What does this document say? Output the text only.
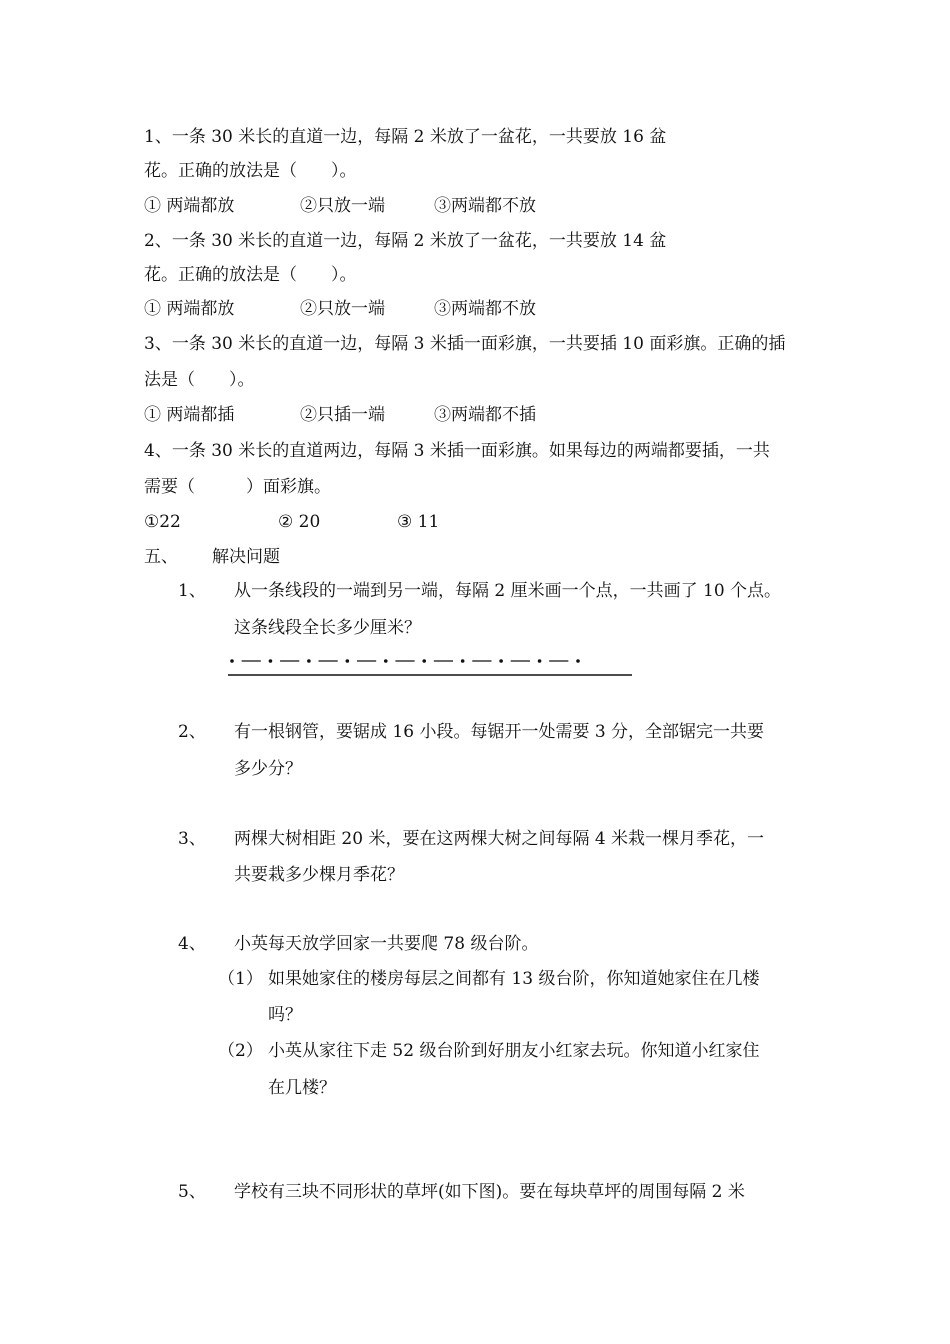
1、一条 30 米长的直道一边，每隔 2 米放了一盆花，一共要放 16 盆
花。正确的放法是（　　）。
① 两端都放	②只放一端	③两端都不放
2、一条 30 米长的直道一边，每隔 2 米放了一盆花，一共要放 14 盆
花。正确的放法是（　　）。
① 两端都放	②只放一端	③两端都不放
3、一条 30 米长的直道一边，每隔 3 米插一面彩旗，一共要插 10 面彩旗。正确的插
法是（　　）。
① 两端都插	②只插一端	③两端都不插
4、一条 30 米长的直道两边，每隔 3 米插一面彩旗。如果每边的两端都要插，一共
需要（　　　）面彩旗。
①22	② 20	③ 11
五、 解决问题
1、 从一条线段的一端到另一端，每隔 2 厘米画一个点，一共画了 10 个点。
这条线段全长多少厘米？
2、 有一根钢管，要锯成 16 小段。每锯开一处需要 3 分，全部锯完一共要
多少分？
3、 两棵大树相距 20 米，要在这两棵大树之间每隔 4 米栽一棵月季花，一
共要栽多少棵月季花？
4、 小英每天放学回家一共要爬 78 级台阶。
（1） 如果她家住的楼房每层之间都有 13 级台阶，你知道她家住在几楼
吗？
（2） 小英从家往下走 52 级台阶到好朋友小红家去玩。你知道小红家住
在几楼？
5、 学校有三块不同形状的草坪(如下图)。要在每块草坪的周围每隔 2 米
